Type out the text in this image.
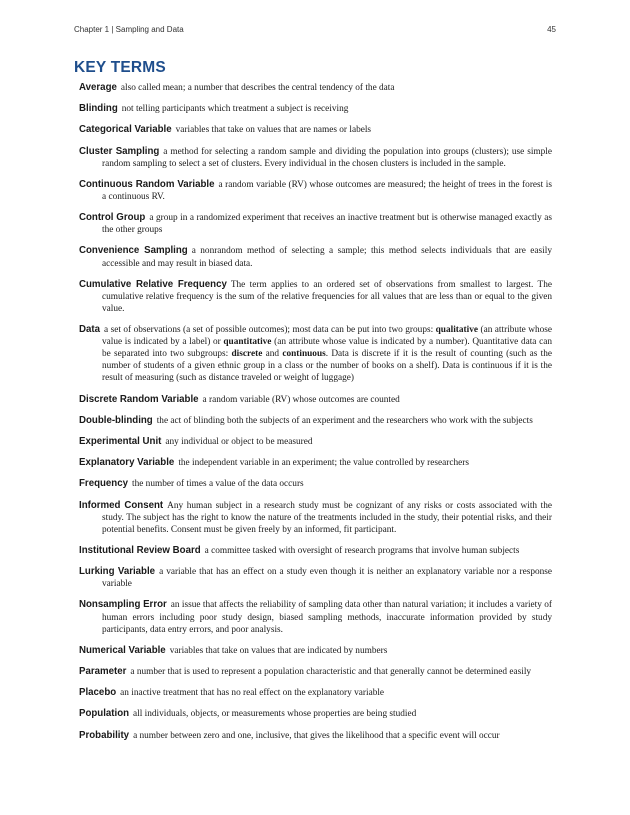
Chapter 1 | Sampling and Data	45
KEY TERMS

Average also called mean; a number that describes the central tendency of the data

Blinding not telling participants which treatment a subject is receiving

Categorical Variable variables that take on values that are names or labels

Cluster Sampling a method for selecting a random sample and dividing the population into groups (clusters); use simple random sampling to select a set of clusters. Every individual in the chosen clusters is included in the sample.

Continuous Random Variable a random variable (RV) whose outcomes are measured; the height of trees in the forest is a continuous RV.

Control Group a group in a randomized experiment that receives an inactive treatment but is otherwise managed exactly as the other groups

Convenience Sampling a nonrandom method of selecting a sample; this method selects individuals that are easily accessible and may result in biased data.

Cumulative Relative Frequency The term applies to an ordered set of observations from smallest to largest. The cumulative relative frequency is the sum of the relative frequencies for all values that are less than or equal to the given value.

Data a set of observations (a set of possible outcomes); most data can be put into two groups: qualitative (an attribute whose value is indicated by a label) or quantitative (an attribute whose value is indicated by a number). Quantitative data can be separated into two subgroups: discrete and continuous. Data is discrete if it is the result of counting (such as the number of students of a given ethnic group in a class or the number of books on a shelf). Data is continuous if it is the result of measuring (such as distance traveled or weight of luggage)

Discrete Random Variable a random variable (RV) whose outcomes are counted

Double-blinding the act of blinding both the subjects of an experiment and the researchers who work with the subjects

Experimental Unit any individual or object to be measured

Explanatory Variable the independent variable in an experiment; the value controlled by researchers

Frequency the number of times a value of the data occurs

Informed Consent Any human subject in a research study must be cognizant of any risks or costs associated with the study. The subject has the right to know the nature of the treatments included in the study, their potential risks, and their potential benefits. Consent must be given freely by an informed, fit participant.

Institutional Review Board a committee tasked with oversight of research programs that involve human subjects

Lurking Variable a variable that has an effect on a study even though it is neither an explanatory variable nor a response variable

Nonsampling Error an issue that affects the reliability of sampling data other than natural variation; it includes a variety of human errors including poor study design, biased sampling methods, inaccurate information provided by study participants, data entry errors, and poor analysis.

Numerical Variable variables that take on values that are indicated by numbers

Parameter a number that is used to represent a population characteristic and that generally cannot be determined easily

Placebo an inactive treatment that has no real effect on the explanatory variable

Population all individuals, objects, or measurements whose properties are being studied

Probability a number between zero and one, inclusive, that gives the likelihood that a specific event will occur
